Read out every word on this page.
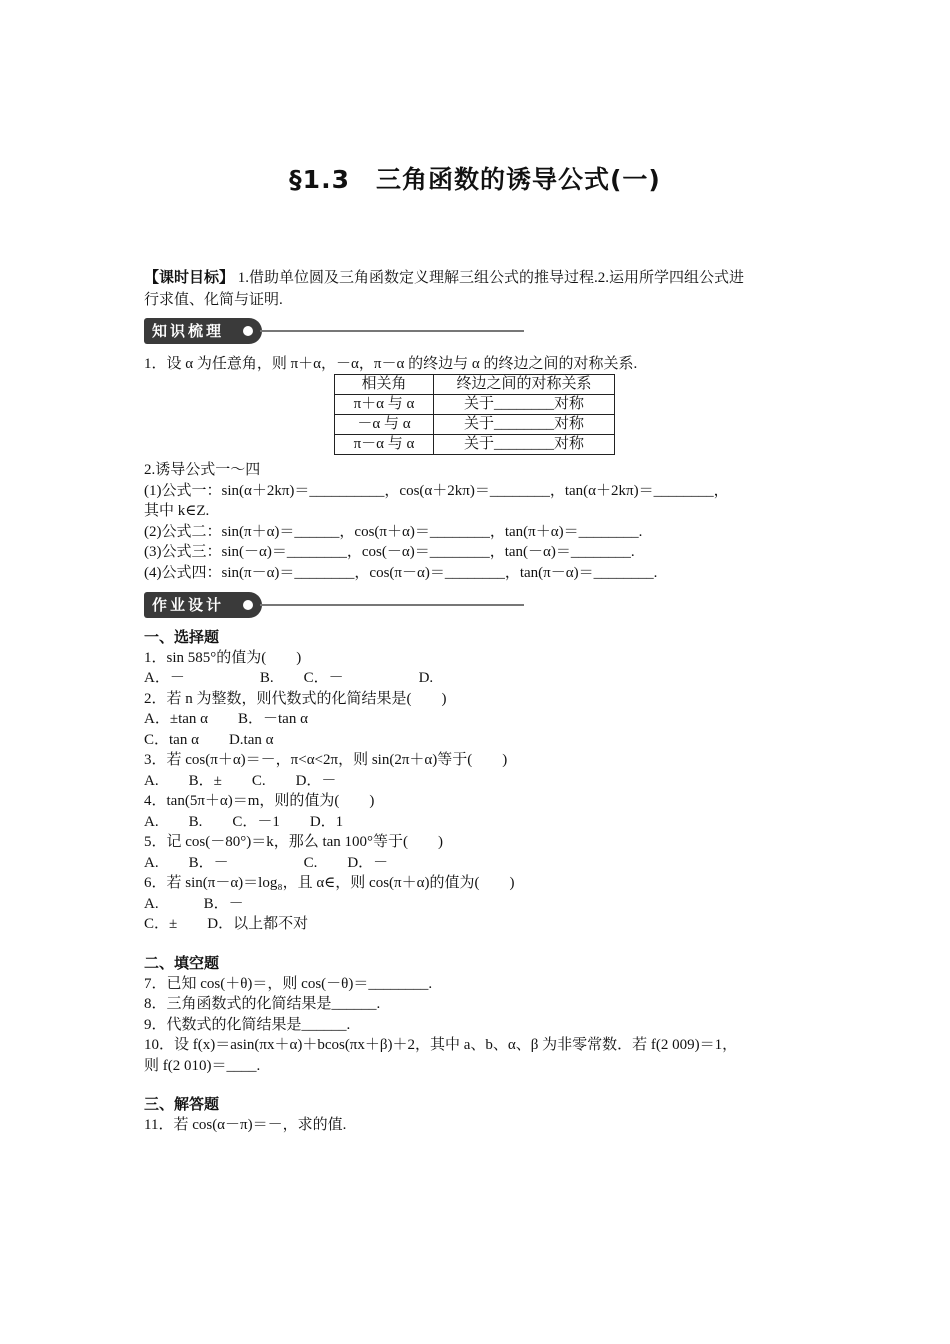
§1.3　三角函数的诱导公式(一)
【课时目标】 1.借助单位圆及三角函数定义理解三组公式的推导过程.2.运用所学四组公式进
行求值、化简与证明.
知识梳理
1．设 α 为任意角，则 π＋α，－α，π－α 的终边与 α 的终边之间的对称关系.
相关角	终边之间的对称关系
π＋α 与 α	关于________对称
－α 与 α	关于________对称
π－α 与 α	关于________对称
2.诱导公式一～四
(1)公式一：sin(α＋2kπ)＝__________，cos(α＋2kπ)＝________，tan(α＋2kπ)＝________，
其中 k∈Z.
(2)公式二：sin(π＋α)＝______，cos(π＋α)＝________，tan(π＋α)＝________.
(3)公式三：sin(－α)＝________，cos(－α)＝________，tan(－α)＝________.
(4)公式四：sin(π－α)＝________，cos(π－α)＝________，tan(π－α)＝________.
作业设计
一、选择题
1．sin 585°的值为(　　)
A．－　　　　　B.　　C．－　　　　　D.
2．若 n 为整数，则代数式的化简结果是(　　)
A．±tan α　　B．－tan α
C．tan α　　D.tan α
3．若 cos(π＋α)＝－，π<α<2π，则 sin(2π＋α)等于(　　)
A.　　B．±　　C.　　D．－
4．tan(5π＋α)＝m，则的值为(　　)
A.　　B.　　C．－1　　D．1
5．记 cos(－80°)＝k，那么 tan 100°等于(　　)
A.　　B．－　　　　　C.　　D．－
6．若 sin(π－α)＝log₈，且 α∈，则 cos(π＋α)的值为(　　)
A.　　　B．－
C．±　　D．以上都不对
二、填空题
7．已知 cos(＋θ)＝，则 cos(－θ)＝________.
8．三角函数式的化简结果是______.
9．代数式的化简结果是______.
10．设 f(x)＝asin(πx＋α)＋bcos(πx＋β)＋2，其中 a、b、α、β 为非零常数．若 f(2 009)＝1，
则 f(2 010)＝____.
三、解答题
11．若 cos(α－π)＝－，求的值.
